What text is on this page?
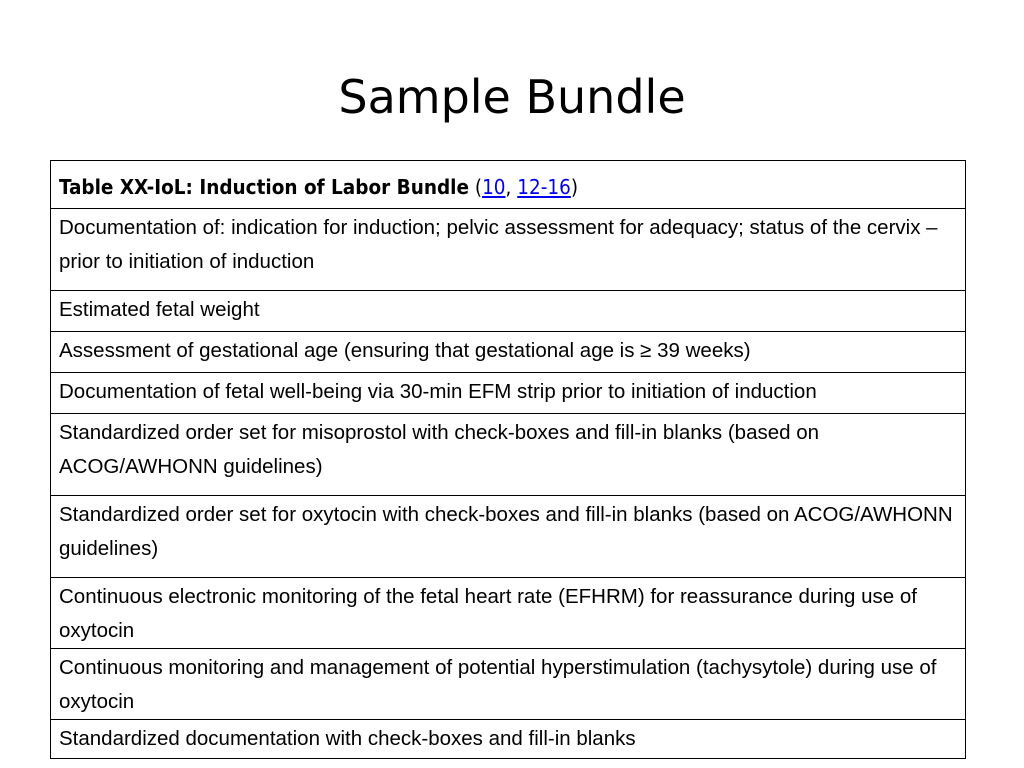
Sample Bundle
Table XX-IoL: Induction of Labor Bundle (10, 12-16)
Documentation of: indication for induction; pelvic assessment for adequacy; status of the cervix – prior to initiation of induction
Estimated fetal weight
Assessment of gestational age (ensuring that gestational age is ≥ 39 weeks)
Documentation of fetal well-being via 30-min EFM strip prior to initiation of induction
Standardized order set for misoprostol with check-boxes and fill-in blanks (based on ACOG/AWHONN guidelines)
Standardized order set for oxytocin with check-boxes and fill-in blanks (based on ACOG/AWHONN guidelines)
Continuous electronic monitoring of the fetal heart rate (EFHRM) for reassurance during use of oxytocin
Continuous monitoring and management of potential hyperstimulation (tachysytole) during use of oxytocin
Standardized documentation with check-boxes and fill-in blanks
